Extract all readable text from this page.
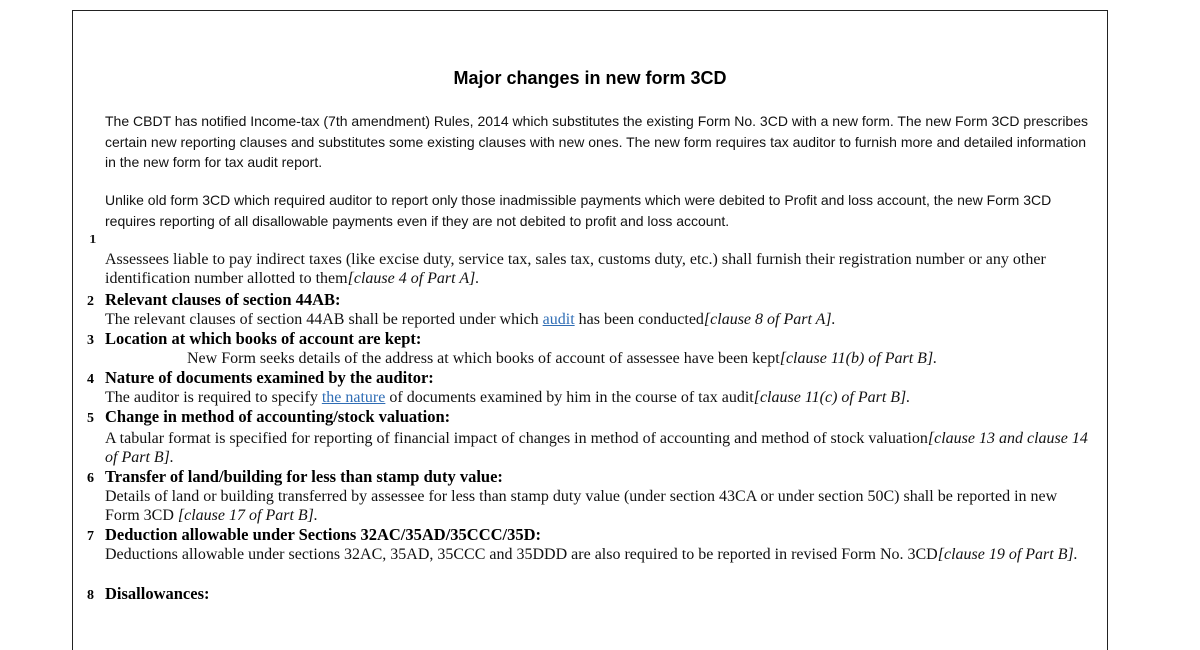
Major changes in new form 3CD
The CBDT has notified Income-tax (7th amendment) Rules, 2014 which substitutes the existing Form No. 3CD with a new form. The new Form 3CD prescribes certain new reporting clauses and substitutes some existing clauses with new ones. The new form requires tax auditor to furnish more and detailed information in the new form for tax audit report.
Unlike old form 3CD which required auditor to report only those inadmissible payments which were debited to Profit and loss account, the new Form 3CD requires reporting of all disallowable payments even if they are not debited to profit and loss account.
1
Assessees liable to pay indirect taxes (like excise duty, service tax, sales tax, customs duty, etc.) shall furnish their registration number or any other identification number allotted to them[clause 4 of Part A].
2 Relevant clauses of section 44AB:
The relevant clauses of section 44AB shall be reported under which audit has been conducted[clause 8 of Part A].
3 Location at which books of account are kept:
New Form seeks details of the address at which books of account of assessee have been kept[clause 11(b) of Part B].
4 Nature of documents examined by the auditor:
The auditor is required to specify the nature of documents examined by him in the course of tax audit[clause 11(c) of Part B].
5 Change in method of accounting/stock valuation:
A tabular format is specified for reporting of financial impact of changes in method of accounting and method of stock valuation[clause 13 and clause 14 of Part B].
6 Transfer of land/building for less than stamp duty value:
Details of land or building transferred by assessee for less than stamp duty value (under section 43CA or under section 50C) shall be reported in new Form 3CD [clause 17 of Part B].
7 Deduction allowable under Sections 32AC/35AD/35CCC/35D:
Deductions allowable under sections 32AC, 35AD, 35CCC and 35DDD are also required to be reported in revised Form No. 3CD[clause 19 of Part B].
8 Disallowances:
